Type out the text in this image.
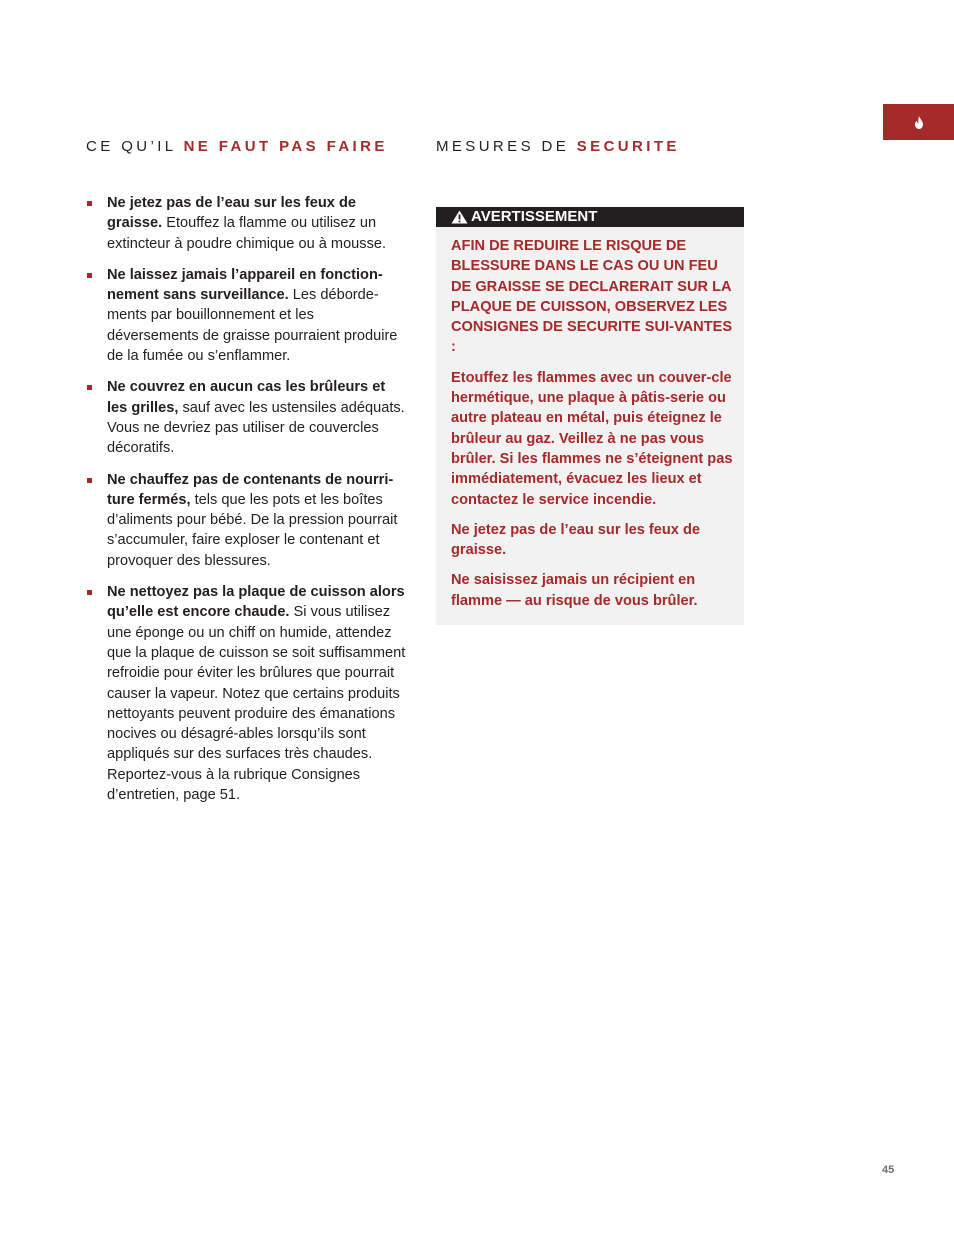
CE QU’IL NE FAUT PAS FAIRE
Ne jetez pas de l’eau sur les feux de graisse. Etouffez la flamme ou utilisez un extincteur à poudre chimique ou à mousse.
Ne laissez jamais l’appareil en fonction-nement sans surveillance. Les déborde-ments par bouillonnement et les déversements de graisse pourraient produire de la fumée ou s’enflammer.
Ne couvrez en aucun cas les brûleurs et les grilles, sauf avec les ustensiles adéquats. Vous ne devriez pas utiliser de couvercles décoratifs.
Ne chauffez pas de contenants de nourri-ture fermés, tels que les pots et les boîtes d’aliments pour bébé. De la pression pourrait s’accumuler, faire exploser le contenant et provoquer des blessures.
Ne nettoyez pas la plaque de cuisson alors qu’elle est encore chaude. Si vous utilisez une éponge ou un chiff on humide, attendez que la plaque de cuisson se soit suffisamment refroidie pour éviter les brûlures que pourrait causer la vapeur. Notez que certains produits nettoyants peuvent produire des émanations nocives ou désagré-ables lorsqu’ils sont appliqués sur des surfaces très chaudes. Reportez-vous à la rubrique Consignes d’entretien, page 51.
MESURES DE SECURITE
AVERTISSEMENT

AFIN DE REDUIRE LE RISQUE DE BLESSURE DANS LE CAS OU UN FEU DE GRAISSE SE DECLARERAIT SUR LA PLAQUE DE CUISSON, OBSERVEZ LES CONSIGNES DE SECURITE SUI-VANTES :

Etouffez les flammes avec un couver-cle hermétique, une plaque à pâtis-serie ou autre plateau en métal, puis éteignez le brûleur au gaz. Veillez à ne pas vous brûler. Si les flammes ne s’éteignent pas immédiatement, évacuez les lieux et contactez le service incendie.

Ne jetez pas de l’eau sur les feux de graisse.

Ne saisissez jamais un récipient en flamme — au risque de vous brûler.

45
